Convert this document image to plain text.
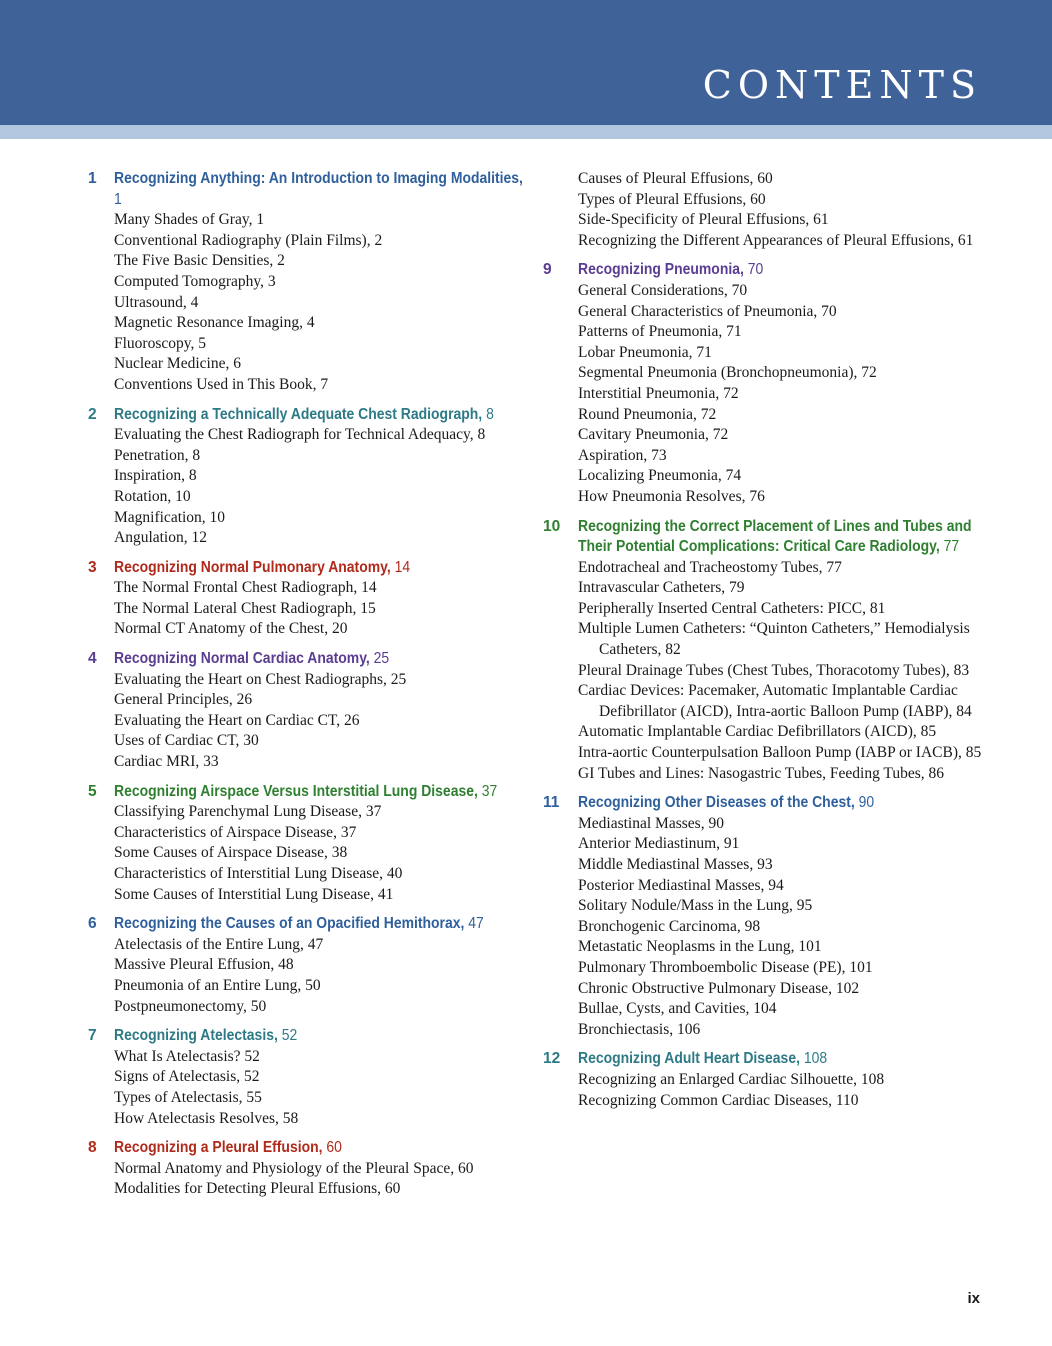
CONTENTS
1	Recognizing Anything: An Introduction to Imaging Modalities, 1
Many Shades of Gray, 1
Conventional Radiography (Plain Films), 2
The Five Basic Densities, 2
Computed Tomography, 3
Ultrasound, 4
Magnetic Resonance Imaging, 4
Fluoroscopy, 5
Nuclear Medicine, 6
Conventions Used in This Book, 7
2	Recognizing a Technically Adequate Chest Radiograph, 8
Evaluating the Chest Radiograph for Technical Adequacy, 8
Penetration, 8
Inspiration, 8
Rotation, 10
Magnification, 10
Angulation, 12
3	Recognizing Normal Pulmonary Anatomy, 14
The Normal Frontal Chest Radiograph, 14
The Normal Lateral Chest Radiograph, 15
Normal CT Anatomy of the Chest, 20
4	Recognizing Normal Cardiac Anatomy, 25
Evaluating the Heart on Chest Radiographs, 25
General Principles, 26
Evaluating the Heart on Cardiac CT, 26
Uses of Cardiac CT, 30
Cardiac MRI, 33
5	Recognizing Airspace Versus Interstitial Lung Disease, 37
Classifying Parenchymal Lung Disease, 37
Characteristics of Airspace Disease, 37
Some Causes of Airspace Disease, 38
Characteristics of Interstitial Lung Disease, 40
Some Causes of Interstitial Lung Disease, 41
6	Recognizing the Causes of an Opacified Hemithorax, 47
Atelectasis of the Entire Lung, 47
Massive Pleural Effusion, 48
Pneumonia of an Entire Lung, 50
Postpneumonectomy, 50
7	Recognizing Atelectasis, 52
What Is Atelectasis? 52
Signs of Atelectasis, 52
Types of Atelectasis, 55
How Atelectasis Resolves, 58
8	Recognizing a Pleural Effusion, 60
Normal Anatomy and Physiology of the Pleural Space, 60
Modalities for Detecting Pleural Effusions, 60
Causes of Pleural Effusions, 60
Types of Pleural Effusions, 60
Side-Specificity of Pleural Effusions, 61
Recognizing the Different Appearances of Pleural Effusions, 61
9	Recognizing Pneumonia, 70
General Considerations, 70
General Characteristics of Pneumonia, 70
Patterns of Pneumonia, 71
Lobar Pneumonia, 71
Segmental Pneumonia (Bronchopneumonia), 72
Interstitial Pneumonia, 72
Round Pneumonia, 72
Cavitary Pneumonia, 72
Aspiration, 73
Localizing Pneumonia, 74
How Pneumonia Resolves, 76
10	Recognizing the Correct Placement of Lines and Tubes and Their Potential Complications: Critical Care Radiology, 77
Endotracheal and Tracheostomy Tubes, 77
Intravascular Catheters, 79
Peripherally Inserted Central Catheters: PICC, 81
Multiple Lumen Catheters: “Quinton Catheters,” Hemodialysis Catheters, 82
Pleural Drainage Tubes (Chest Tubes, Thoracotomy Tubes), 83
Cardiac Devices: Pacemaker, Automatic Implantable Cardiac Defibrillator (AICD), Intra-aortic Balloon Pump (IABP), 84
Automatic Implantable Cardiac Defibrillators (AICD), 85
Intra-aortic Counterpulsation Balloon Pump (IABP or IACB), 85
GI Tubes and Lines: Nasogastric Tubes, Feeding Tubes, 86
11	Recognizing Other Diseases of the Chest, 90
Mediastinal Masses, 90
Anterior Mediastinum, 91
Middle Mediastinal Masses, 93
Posterior Mediastinal Masses, 94
Solitary Nodule/Mass in the Lung, 95
Bronchogenic Carcinoma, 98
Metastatic Neoplasms in the Lung, 101
Pulmonary Thromboembolic Disease (PE), 101
Chronic Obstructive Pulmonary Disease, 102
Bullae, Cysts, and Cavities, 104
Bronchiectasis, 106
12	Recognizing Adult Heart Disease, 108
Recognizing an Enlarged Cardiac Silhouette, 108
Recognizing Common Cardiac Diseases, 110
ix
